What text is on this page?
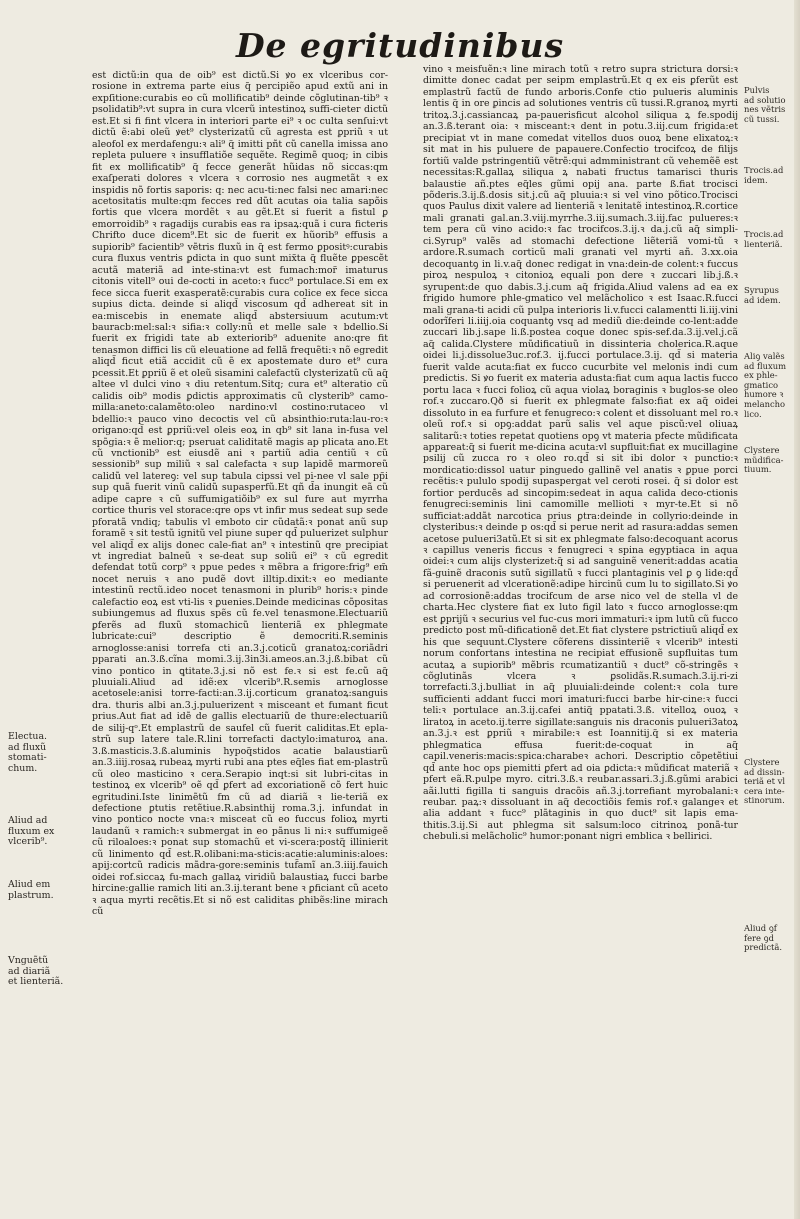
De egritudinibus

est dictũ:in qua de oib⁹ est dictũ.Si ꝟo ex vlceribus cor-rosione in extrema parte eius q̃ percipiẽo apud extũ ani in expſitione:curabis eo cũ mollificatib⁹ deinde cõglutinan-tib⁹ ꝛ psolidatib⁹:vt supra in cura vlcerũ intestinoꝝ suffi-cieter dictũ est.Et si fi fint vlcera in interiori parte ei⁹ ꝛ oc culta senſui:vt dictũ ẽ:abi oleũ ꝟet⁹ clysterizatũ cũ agresta est ꝑpriũ ꝛ ut aleofol ex merdafengu:ꝛ ali⁹ q̃ imitti pñt cũ canella imissa ano repleta puluere ꝛ insufflatiõe sequẽte. Regimẽ quoq; in cibis fit ex mollificatib⁹ q̃ fecce generãt hũidas nõ siccas:qm exaſperati dolores ꝛ vlcera ꝛ corrosio nes augmetãt ꝛ ex inspidis nõ fortis saporis: q: nec acu-ti:nec falsi nec amari:nec acetositatis multe:qm fecces red dũt acutas oia talia sapõis fortis que vlcera mordẽt ꝛ au gẽt.Et si fuerit a fistul ꝑ emorroidib⁹ ꝛ ragadijs curabis eas ra ipsaꝝ:quã i cura ficteris Chrifto duce dicem⁹.Et sic de fuerit ex hũorib⁹ effusis a supiorib⁹ facientib⁹ vẽtris fluxũ in q̃ est fermo ꝑpositꝰ:curabis cura fluxus ventris ꝑdicta in quo sunt mix̃ta q̃ fluẽte ꝑpescẽt acutã materiã ad inte-stina:vt est fumach:mor̃ imaturus citonis vitell⁹ oui de-cocti in aceto:ꝛ fucc⁹ portulace.Si em ex fece sicca fuerit exasperatẽ:curabis cura colice ex fece sicca supius dicta. deinde si aliqd̃ viscosum qd̃ adhereat sit in ea:miscebis in enemate aliqd̃ abstersiuum acutum:vt bauracb:mel:sal:ꝛ sifia:ꝛ colly:nũ et melle sale ꝛ bdellio.Si fuerit ex frigidi tate ab exteriorib⁹ aduenite ano:qre fit tenasmon diffici lis cũ eleuatione ad fellã frequẽti:ꝛ nõ egredit aliqd̃ ficut etiã accidit cũ ẽ ex apostemate duro et⁹ cura pcessit.Et ꝑpriũ ẽ et oleũ sisamini calefactũ clysterizatũ cũ aq̃ altee vl dulci vino ꝛ diu retentum.Sitq; cura et⁹ alteratio cũ calidis oib⁹ modis ꝑdictis approximatis cũ clysterib⁹ camo-milla:aneto:calamẽto:oleo nardino:vl costino:rutaceo vl bdellio:ꝛ pauco vino decoctis vel cũ absinthio:ruta:lau-ro:ꝛ origano:qd̃ est ꝑpriũ:vel oleis eoꝝ in qb⁹ sit lana in-fusa vel spõgia:ꝛ ẽ melior:q; pseruat caliditatẽ magis ap plicata ano.Et cũ vnctionib⁹ est eiusdẽ ani ꝛ partiũ adia centiũ ꝛ cũ sessionib⁹ sup miliũ ꝛ sal calefacta ꝛ sup lapidẽ marmoreũ calidũ vel latereꝯ: vel sup tabula cipssi vel pi-nee vl sale pp̃i sup quã fuerit vinũ calidũ supasperfũ.Et qñ d̃a inungit eã cũ adipe capre ꝛ cũ suffumigatiõib⁹ ex sul fure aut myrrha cortice thuris vel storace:qre ops vt infir mus sedeat sup sede pforatã vndiq; tabulis vl emboto cir cũdatã:ꝛ ponat anũ sup foramẽ ꝛ sit testũ ignitũ vel piune super qd̃ puluerizet sulphur vel aliqd̃ ex alijs donec cale-fiat an⁹ ꝛ intestinũ qre precipiat vt ingrediat balneũ ꝛ se-deat sup soliũ ei⁹ ꝛ cũ egredit defendat totũ corp⁹ ꝛ ppue pedes ꝛ mẽbra a frigore:frig⁹ em̃ nocet neruis ꝛ ano pudẽ dovt illtip.dixit:ꝛ eo mediante intestinũ rectũ.ideo nocet tenasmoni in plurib⁹ horis:ꝛ pinde calefactio eoꝝ est vti-lis ꝛ ꝑuenies.Deinde medicinas cõpositas subiungemus ad fluxus spẽs cũ fe.vel tenasmone.Electuariũ ꝑferẽs ad fluxũ stomachicũ lienteriã ex phlegmate lubricate:cui⁹ descriptio ẽ democriti.R.seminis arnoglosse:anisi torrefa cti an.3.j.coticũ granatoꝝ:coriãdri pparati an.3.ß.cĩna momi.3.ij.3in3i.ameos.an.3.j.ß.bibat cũ vino pontico in ꝗtitate.3.j.si nõ est fe.ꝛ si est fe.cũ aq̃ pluuiali.Aliud ad idẽ:ex vlcerib⁹.R.semis arnoglosse acetosele:anisi torre-facti:an.3.ij.corticum granatoꝝ:sanguis dra. thuris albi an.3.j.puluerizent ꝛ misceant et fumant ficut prius.Aut fiat ad idẽ de gallis electuariũ de thure:electuariũ de silij-qᵒ.Et emplastrũ de saufel cũ fuerit caliditas.Et epla-strũ sup latere tale.R.lini torrefacti dactylo:imaturoꝝ ana. 3.ß.masticis.3.ß.aluminis hypoq̃stidos acatie balaustiarũ an.3.iiij.rosaꝝ rubeaꝝ myrti rubi ana ptes eq̃les fiat em-plastrũ cũ oleo masticino ꝛ cera.Serapio inqt:si sit lubri-citas in testinoꝝ ex vlcerib⁹ oẽ qd̃ ꝑfert ad excoriationẽ cõ fert huic egritudini.Iste linimẽtũ fm cũ ad diariã ꝛ lie-teriã ex defectione ꝑtutis retẽtiue.R.absinthij roma.3.j. infundat in vino pontico nocte vna:ꝛ misceat cũ eo fuccus folioꝝ myrti laudanũ ꝛ ramich:ꝛ submergat in eo pãnus li ni:ꝛ suffumigeẽ cũ riloaloes:ꝛ ponat sup stomachũ et vi-scera:postq̃ illinierit cũ linimento qd̃ est.R.olibani:ma-sticis:acatie:aluminis:aloes: apij:cortcũ radicis mãdra-gore:seminis tuf̃amĩ an.3.iiij.fauich oidei rof.siccaꝝ fu-mach gallaꝝ viridiũ balaustiaꝝ fucci barbe hircine:gallie ramich liti an.3.ij.terant bene ꝛ ꝑficiant cũ aceto ꝛ aqua myrti recẽtis.Et si nõ est caliditas ꝑhibẽs:line mirach cũ

vino ꝛ meisfuẽn:ꝛ line mirach totũ ꝛ retro supra strictura dorsi:ꝛ dimitte donec cadat per seipm emplastrũ.Et q ex eis ꝑferũt est emplastrũ factũ de fundo arboris.Confe ctio pulueris aluminis lentis q̃ in ore ꝑincis ad solutiones ventris cũ tussi.R.granoꝝ myrti tritoꝝ.3.j.cassiancaꝝ pa-pauerisficut alcohol siliqua ꝝ fe.spodij an.3.ß.terant oia: ꝛ misceant:ꝛ dent in potu.3.iij.cum frigida:et precipiat vt in mane comedat vitellos duos ouoꝝ bene elixatoꝝ:ꝛ sit mat in his puluere de papauere.Confectio trocifcoꝝ de filijs fortiũ valde pstringentiũ vẽtrẽ:qui admministrant cũ vehemẽẽ est necessitas:R.gallaꝝ siliqua ꝝ nabati fructus tamarisci thuris balaustie añ.ptes eq̃les gũmi opij ana. parte ß.fiat trocisci põderis.3.ij.ß.dosis sit.j.cũ aq̃ pluuia:ꝛ si vel vino põtico.Trocisci quos Paulus dixit valere ad lienteriã ꝛ lenitatẽ intestinoꝝ.R.cortice mali granati gal.an.3.viij.myrrhe.3.iij.sumach.3.iij.fac pulueres:ꝛ tem pera cũ vino acido:ꝛ fac trocifcos.3.ij.ꝛ da.j.cũ aq̃ simpli-ci.Syrup⁹ valẽs ad stomachi defectione liẽteriã vomi-tũ ꝛ ardore.R.sumach corticũ mali granati vel myrti añ. 3.xx.oia decoquantꝯ in li.v.aq̃ donec redigat in vna:dein-de colent:ꝛ fuccus piroꝝ nespuloꝝ ꝛ citonioꝝ equali pon dere ꝛ zuccari lib.j.ß.ꝛ syrupent:de quo dabis.3.j.cum aq̃ frigida.Aliud valens ad ea ex frigido humore phle-gmatico vel melãcholico ꝛ est Isaac.R.fucci mali grana-ti acidi cũ pulpa interioris li.v.fucci calamentti li.iij.vini odorĩferi li.iiij.oia coquantꝯ vsq ad mediũ die:deinde co-lent:adde zuccari lib.j.sape li.ß.postea coque donec spis-sef.da.3.ij.vel.j.cã aq̃ calida.Clystere mũdificatiuũ in dissinteria cholerica.R.aque oidei li.j.dissolue3uc.rof.3. ij.fucci portulace.3.ij. qd̃ si materia fuerit valde acuta:fiat ex fucco cucurbite vel melonis indi cum predictis. Si ꝟo fuerit ex materia adusta:fiat cum aqua lactis fucco portu laca ꝛ fucci folioꝝ cũ aqua violaꝝ boraginis ꝛ buglos-se oleo rof.ꝛ zuccaro.Qð si fuerit ex phlegmate falso:fiat ex aq̃ oidei dissoluto in ea furfure et fenugreco:ꝛ colent et dissoluant mel ro.ꝛ oleũ rof.ꝛ si opꝯ:addat parũ salis vel aque piscũ:vel oliuaꝝ salitarũ:ꝛ toties repetat quotiens opꝯ vt materia pfecte mũdificata appareat:q̃ si fuerit me-dicina acuta:vl supfluit:fiat ex mucillagine psilij cũ zucca ro ꝛ oleo ro.qd̃ si sit ibi dolor ꝛ punctio:ꝛ mordicatio:dissol uatur pinguedo gallinẽ vel anatis ꝛ ꝑpue porci recẽtis:ꝛ pululo spodij supaspergat vel ceroti rosei. q̃ si dolor est fortior perducẽs ad sincopim:sedeat in aqua calida deco-ctionis fenugreci:seminis lini camomille mellioti ꝛ myr-te.Et si nõ sufficiat:addãt narcotica prius ꝑtra:deinde in collyrio:deinde in clysteribus:ꝛ deinde p os:qd̃ si perue nerit ad rasura:addas semen acetose pulueri3atũ.Et si sit ex phlegmate falso:decoquant acorus ꝛ capillus veneris ficcus ꝛ fenugreci ꝛ spina egyptiaca in aqua oidei:ꝛ cum alijs clysterizet:q̃ si ad sanguinẽ venerit:addas acatia fã-guinẽ draconis sutũ sigillatũ ꝛ fucci plantaginis vel ꝑ ꝯ lide:qd̃ si peruenerit ad vlcerationẽ:adipe hircinũ cum lu to sigillato.Si ꝟo ad corrosionẽ:addas trocifcum de arse nico vel de stella vl de charta.Hec clystere fiat ex luto figil lato ꝛ fucco arnoglosse:qm est ꝑprijũ ꝛ securius vel fuc-cus mori immaturi:ꝛ ipm lutũ cũ fucco predicto post mũ-dificationẽ det.Et fiat clystere pstrictiuũ aliqd̃ ex his que sequunt.Clystere cõferens dissinteriẽ ꝛ vlcerib⁹ intesti norum confortans intestina ne recipiat effusionẽ supfluitas tum acutaꝝ a supiorib⁹ mẽbris rcumatizantiũ ꝛ duct⁹ cõ-stringẽs ꝛ cõglutinãs vlcera ꝛ ꝑsolidãs.R.sumach.3.ij.ri-zi torrefacti.3.j.bulliat in aq̃ pluuiali:deinde colent:ꝛ cola ture sufficienti addant fucci mori imaturi:fucci barbe hir-cine:ꝛ fucci teli:ꝛ portulace an.3.ij.cafei antiq̃ ppatati.3.ß. vitelloꝝ ouoꝝ ꝛ liratoꝝ in aceto.ij.terre sigillate:sanguis nis draconis pulueri3atoꝝ an.3.j.ꝛ est ꝑpriũ ꝛ mirabile:ꝛ est Ioannitij.q̃ si ex materia phlegmatica effusa fuerit:de-coquat in aq̃ capil.veneris:macis:spica:charabeꝛ achori. Descriptio cõpetẽtiui qd̃ ante hoc ops piemitti ꝑfert ad oia ꝑdicta:ꝛ mũdificat materiã ꝛ pfert eã.R.pulpe myro. citri.3.ß.ꝛ reubar.assari.3.j.ß.gũmi arabici aãi.lutti figilla ti sanguis dracõis añ.3.j.torrefiant myrobalani:ꝛ reubar. paꝝ:ꝛ dissoluant in aq̃ decoctiõis femis rof.ꝛ galangeꝛ et alia addant ꝛ fucc⁹ plãtaginis in quo duct⁹ sit lapis ema-thitis.3.ij.Si aut phlegma sit salsum:loco citrinoꝝ ponã-tur chebuli.si melãcholic⁹ humor:ponant nigri emblica ꝛ bellirici.

Electua.
ad fluxũ
stomati-
chum.
Aliud ad
fluxum ex
vlcerib⁹.
Aliud em
plastrum.
Vnguẽtũ
ad diariã
et lienteriã.
Pulvis
ad solutio
nes vẽtris
cũ tussi.
Trocis.ad
idem.
Trocis.ad
lienteriã.
Syrupus
ad idem.
Aliꝯ valẽs
ad fluxum
ex phle-
gmatico
humore ꝛ
melancho
lico.
Clystere
mũdifica-
tiuum.
Clystere
ad dissin-
teriã et vl
cera inte-
stinorum.
Aliud ꝯf
fere ꝯd
predictã.
